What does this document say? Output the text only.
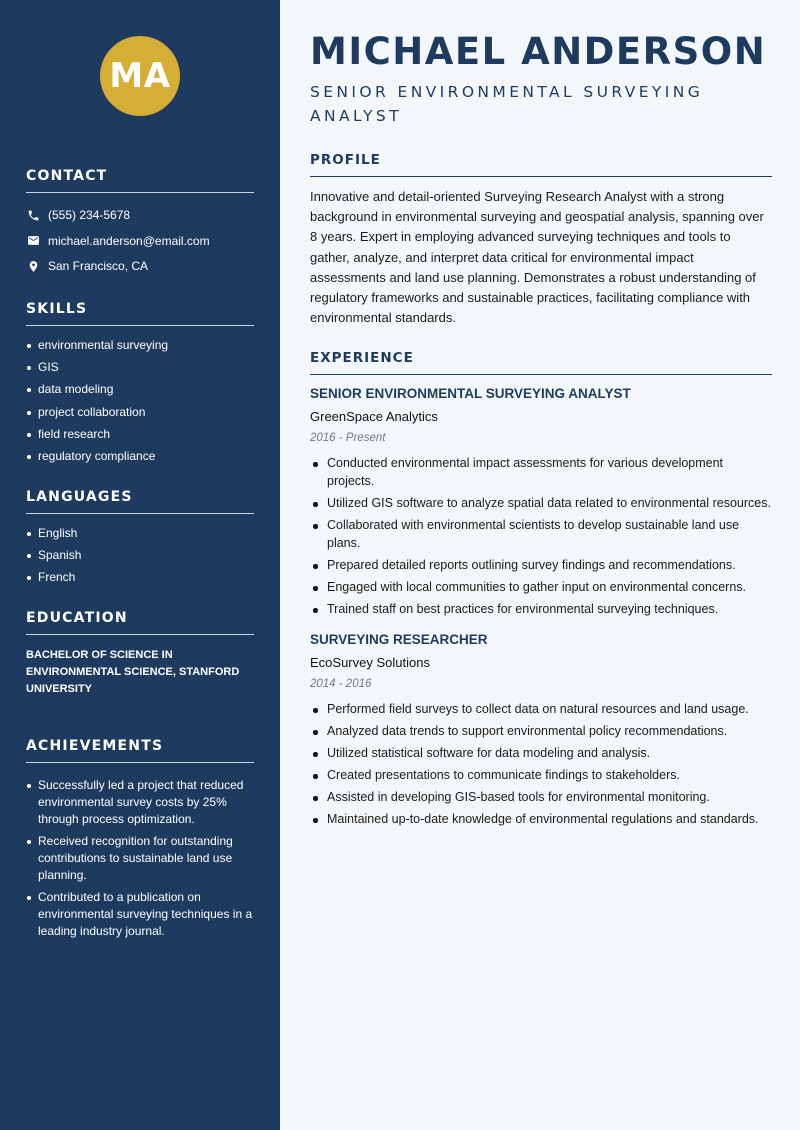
MA
CONTACT
(555) 234-5678
michael.anderson@email.com
San Francisco, CA
SKILLS
environmental surveying
GIS
data modeling
project collaboration
field research
regulatory compliance
LANGUAGES
English
Spanish
French
EDUCATION
BACHELOR OF SCIENCE IN ENVIRONMENTAL SCIENCE, STANFORD UNIVERSITY
ACHIEVEMENTS
Successfully led a project that reduced environmental survey costs by 25% through process optimization.
Received recognition for outstanding contributions to sustainable land use planning.
Contributed to a publication on environmental surveying techniques in a leading industry journal.
MICHAEL ANDERSON
SENIOR ENVIRONMENTAL SURVEYING ANALYST
PROFILE

Innovative and detail-oriented Surveying Research Analyst with a strong background in environmental surveying and geospatial analysis, spanning over 8 years. Expert in employing advanced surveying techniques and tools to gather, analyze, and interpret data critical for environmental impact assessments and land use planning. Demonstrates a robust understanding of regulatory frameworks and sustainable practices, facilitating compliance with environmental standards.

EXPERIENCE
SENIOR ENVIRONMENTAL SURVEYING ANALYST
GreenSpace Analytics
2016 - Present
Conducted environmental impact assessments for various development projects.
Utilized GIS software to analyze spatial data related to environmental resources.
Collaborated with environmental scientists to develop sustainable land use plans.
Prepared detailed reports outlining survey findings and recommendations.
Engaged with local communities to gather input on environmental concerns.
Trained staff on best practices for environmental surveying techniques.
SURVEYING RESEARCHER
EcoSurvey Solutions
2014 - 2016
Performed field surveys to collect data on natural resources and land usage.
Analyzed data trends to support environmental policy recommendations.
Utilized statistical software for data modeling and analysis.
Created presentations to communicate findings to stakeholders.
Assisted in developing GIS-based tools for environmental monitoring.
Maintained up-to-date knowledge of environmental regulations and standards.
